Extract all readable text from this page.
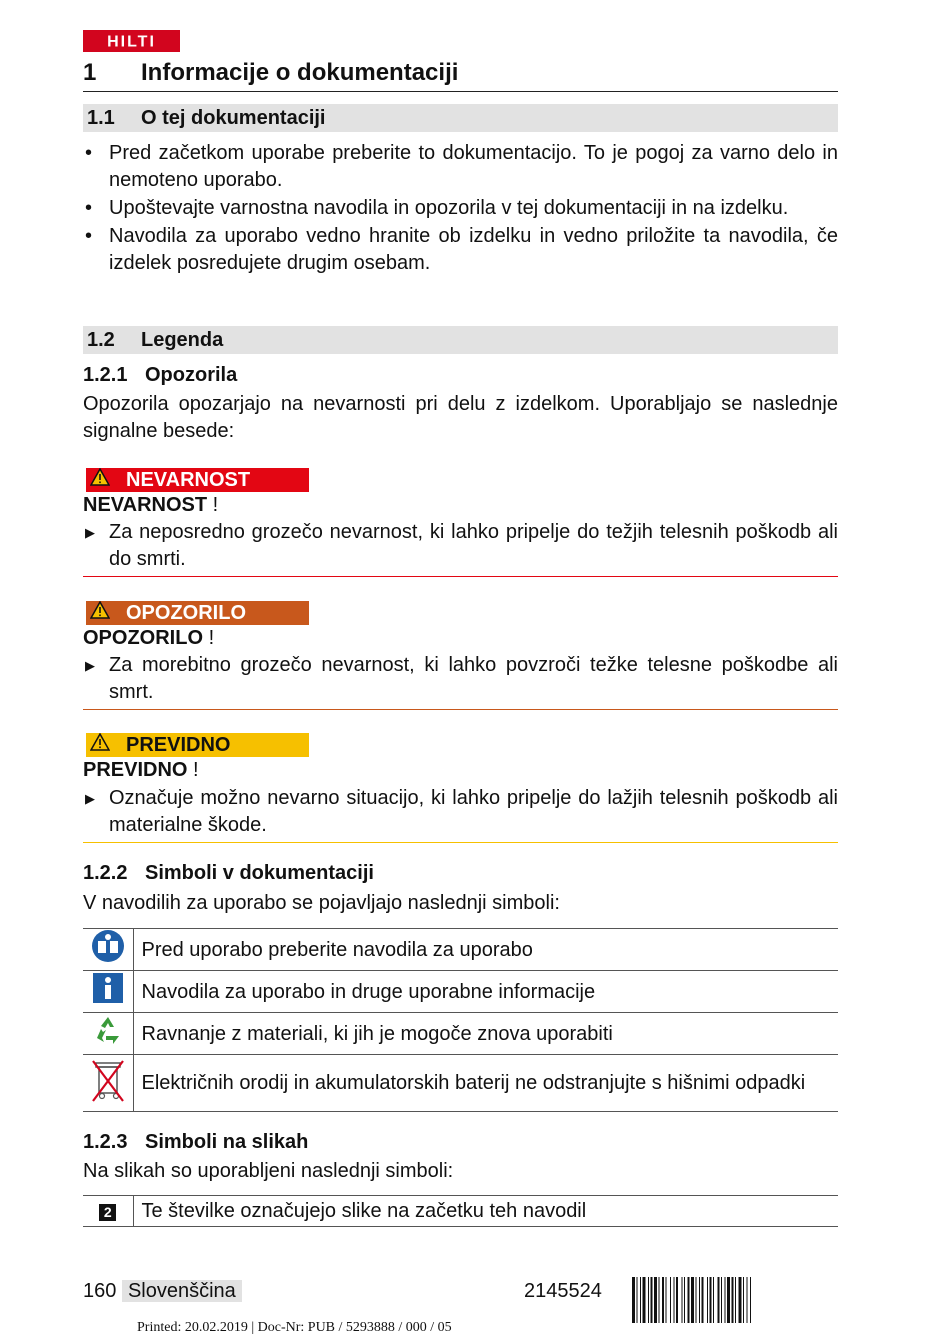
HILTI
1 Informacije o dokumentaciji
1.1 O tej dokumentaciji
• Pred začetkom uporabe preberite to dokumentacijo. To je pogoj za varno delo in nemoteno uporabo.
• Upoštevajte varnostna navodila in opozorila v tej dokumentaciji in na izdelku.
• Navodila za uporabo vedno hranite ob izdelku in vedno priložite ta navodila, če izdelek posredujete drugim osebam.
1.2 Legenda
1.2.1 Opozorila
Opozorila opozarjajo na nevarnosti pri delu z izdelkom. Uporabljajo se naslednje signalne besede:
NEVARNOST
NEVARNOST !
▶ Za neposredno grozečo nevarnost, ki lahko pripelje do težjih telesnih poškodb ali do smrti.
OPOZORILO
OPOZORILO !
▶ Za morebitno grozečo nevarnost, ki lahko povzroči težke telesne poškodbe ali smrt.
PREVIDNO
PREVIDNO !
▶ Označuje možno nevarno situacijo, ki lahko pripelje do lažjih telesnih poškodb ali materialne škode.
1.2.2 Simboli v dokumentaciji
V navodilih za uporabo se pojavljajo naslednji simboli:
	Pred uporabo preberite navodila za uporabo
	Navodila za uporabo in druge uporabne informacije
	Ravnanje z materiali, ki jih je mogoče znova uporabiti
	Električnih orodij in akumulatorskih baterij ne odstranjujte s hišnimi odpadki
1.2.3 Simboli na slikah
Na slikah so uporabljeni naslednji simboli:
2	Te številke označujejo slike na začetku teh navodil
160 Slovenščina	2145524
Printed: 20.02.2019 | Doc-Nr: PUB / 5293888 / 000 / 05
